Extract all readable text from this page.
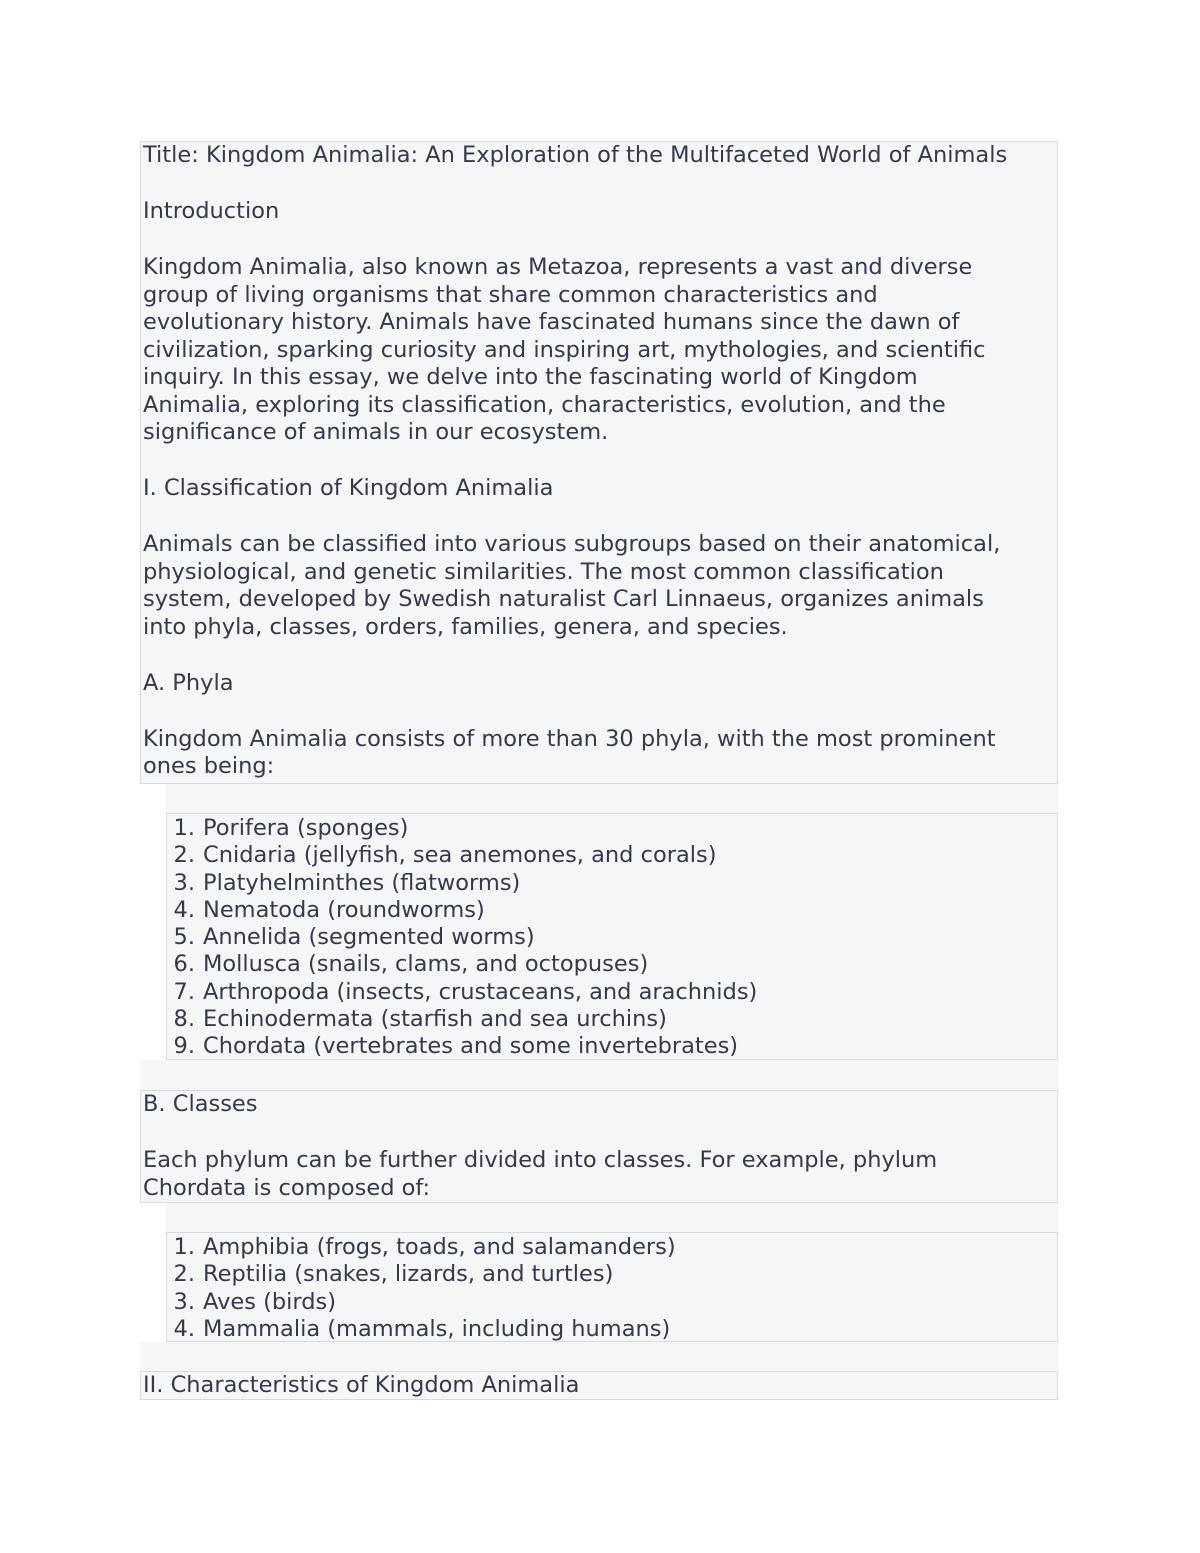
Title: Kingdom Animalia: An Exploration of the Multifaceted World of Animals

Introduction

Kingdom Animalia, also known as Metazoa, represents a vast and diverse

group of living organisms that share common characteristics and

evolutionary history. Animals have fascinated humans since the dawn of

civilization, sparking curiosity and inspiring art, mythologies, and scientific

inquiry. In this essay, we delve into the fascinating world of Kingdom

Animalia, exploring its classification, characteristics, evolution, and the

significance of animals in our ecosystem.

I. Classification of Kingdom Animalia

Animals can be classified into various subgroups based on their anatomical,

physiological, and genetic similarities. The most common classification

system, developed by Swedish naturalist Carl Linnaeus, organizes animals

into phyla, classes, orders, families, genera, and species.

A. Phyla

Kingdom Animalia consists of more than 30 phyla, with the most prominent

ones being:

1. Porifera (sponges)
2. Cnidaria (jellyfish, sea anemones, and corals)
3. Platyhelminthes (flatworms)
4. Nematoda (roundworms)
5. Annelida (segmented worms)
6. Mollusca (snails, clams, and octopuses)
7. Arthropoda (insects, crustaceans, and arachnids)
8. Echinodermata (starfish and sea urchins)
9. Chordata (vertebrates and some invertebrates)

B. Classes

Each phylum can be further divided into classes. For example, phylum

Chordata is composed of:

1. Amphibia (frogs, toads, and salamanders)
2. Reptilia (snakes, lizards, and turtles)
3. Aves (birds)
4. Mammalia (mammals, including humans)

II. Characteristics of Kingdom Animalia
